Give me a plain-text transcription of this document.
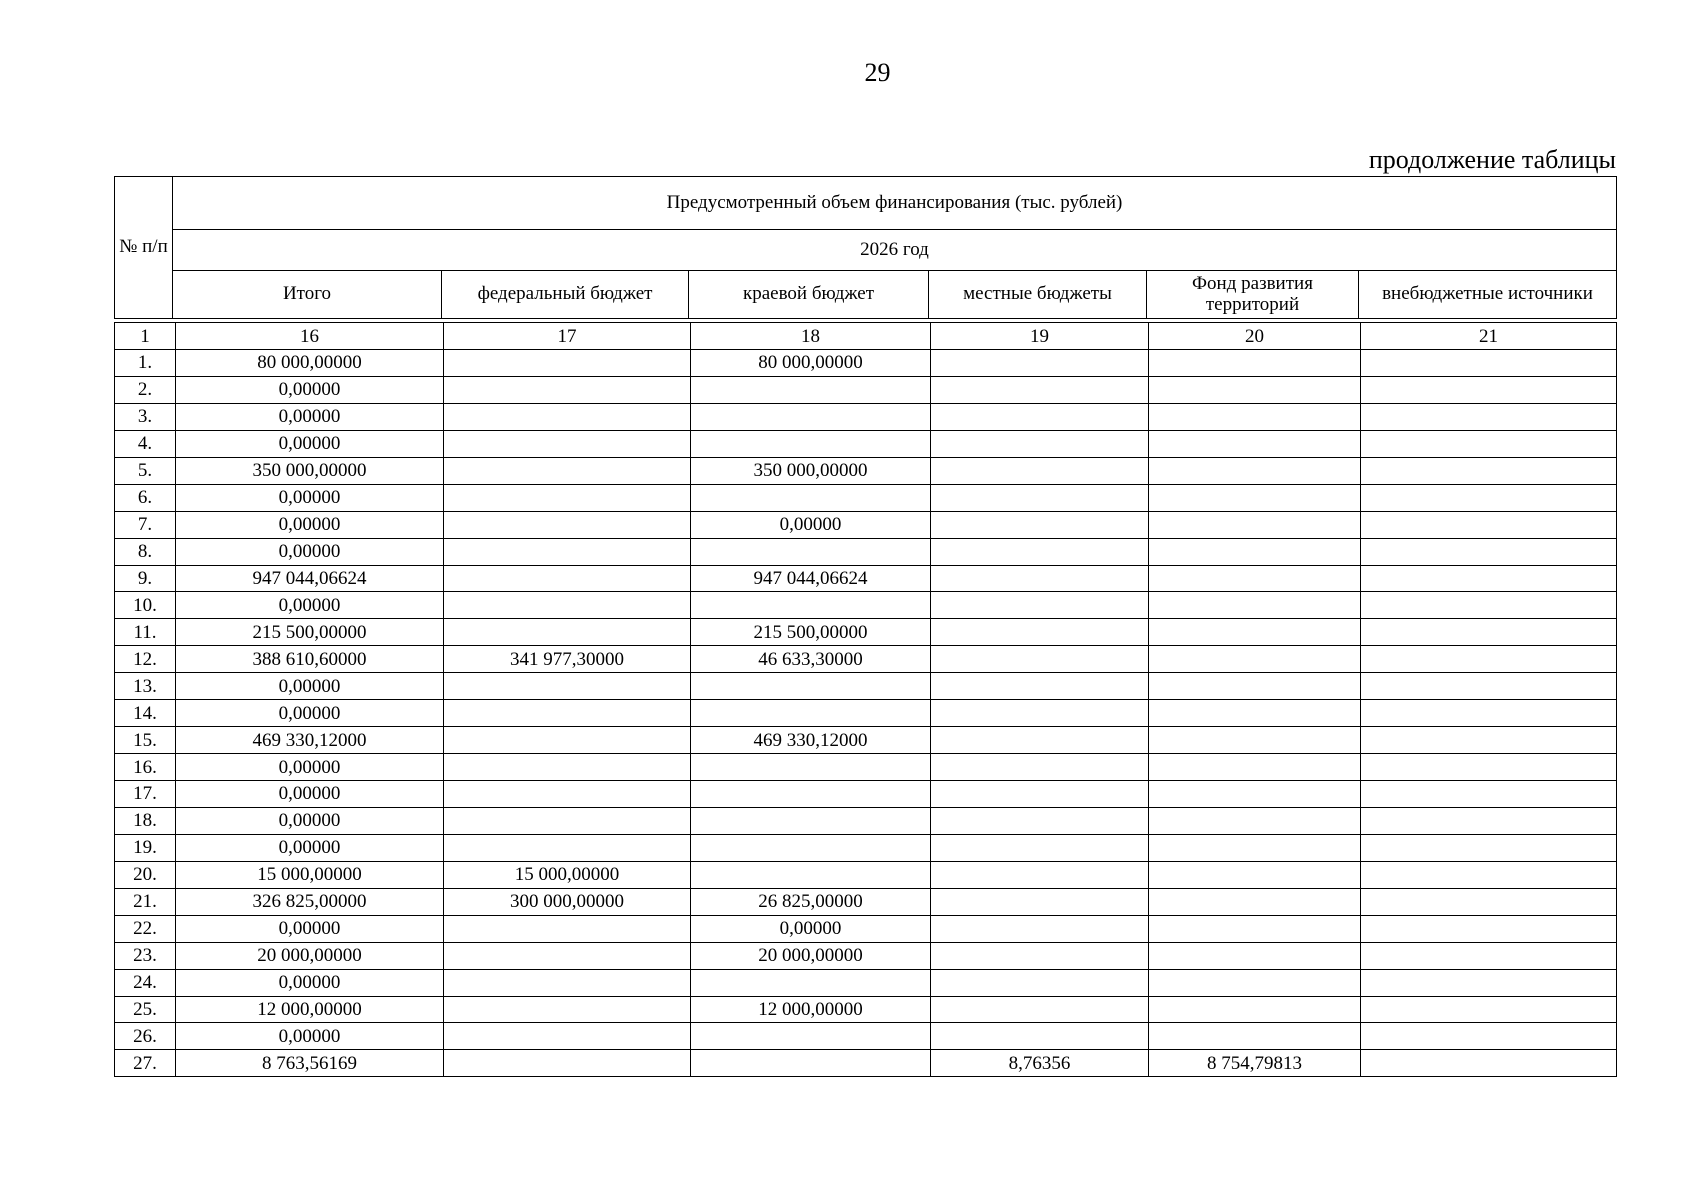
29
продолжение таблицы
№ п/п	Предусмотренный объем финансирования (тыс. рублей)					
	2026 год					
	Итого	федеральный бюджет	краевой бюджет	местные бюджеты	Фонд развития территорий	внебюджетные источники
1	16	17	18	19	20	21
1.	80 000,00000		80 000,00000			
2.	0,00000					
3.	0,00000					
4.	0,00000					
5.	350 000,00000		350 000,00000			
6.	0,00000					
7.	0,00000		0,00000			
8.	0,00000					
9.	947 044,06624		947 044,06624			
10.	0,00000					
11.	215 500,00000		215 500,00000			
12.	388 610,60000	341 977,30000	46 633,30000			
13.	0,00000					
14.	0,00000					
15.	469 330,12000		469 330,12000			
16.	0,00000					
17.	0,00000					
18.	0,00000					
19.	0,00000					
20.	15 000,00000	15 000,00000				
21.	326 825,00000	300 000,00000	26 825,00000			
22.	0,00000		0,00000			
23.	20 000,00000		20 000,00000			
24.	0,00000					
25.	12 000,00000		12 000,00000			
26.	0,00000					
27.	8 763,56169			8,76356	8 754,79813	
